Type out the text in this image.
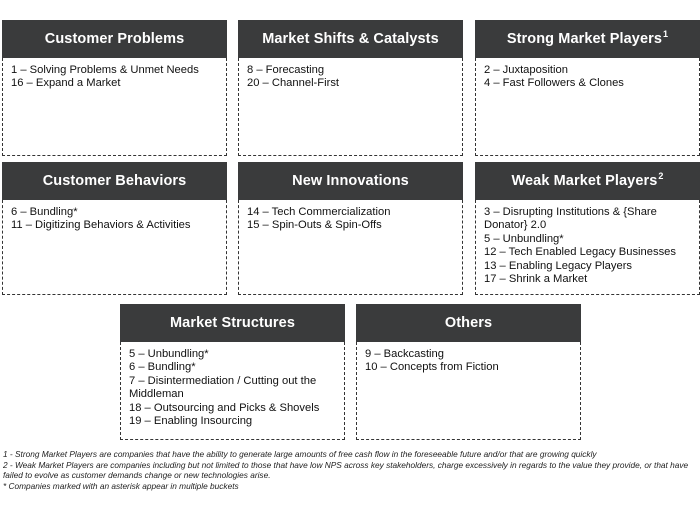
Customer Problems
1 – Solving Problems & Unmet Needs
16 – Expand a Market
Market Shifts & Catalysts
8 – Forecasting
20 – Channel-First
Strong Market Players$^1$
2 – Juxtaposition
4 – Fast Followers & Clones
Customer Behaviors
6 – Bundling*
11 – Digitizing Behaviors & Activities
New Innovations
14 – Tech Commercialization
15 – Spin-Outs & Spin-Offs
Weak Market Players$^2$
3 – Disrupting Institutions & {Share Donator} 2.0
5 – Unbundling*
12 – Tech Enabled Legacy Businesses
13 – Enabling Legacy Players
17 – Shrink a Market
Market Structures
5 – Unbundling*
6 – Bundling*
7 – Disintermediation / Cutting out the Middleman
18 – Outsourcing and Picks & Shovels
19 – Enabling Insourcing
Others
9 – Backcasting
10 – Concepts from Fiction
1 - Strong Market Players are companies that have the ability to generate large amounts of free cash flow in the foreseeable future and/or that are growing quickly
2 - Weak Market Players are companies including but not limited to those that have low NPS across key stakeholders, charge excessively in regards to the value they provide, or that have failed to evolve as customer demands change or new technologies arise.
* Companies marked with an asterisk appear in multiple buckets
